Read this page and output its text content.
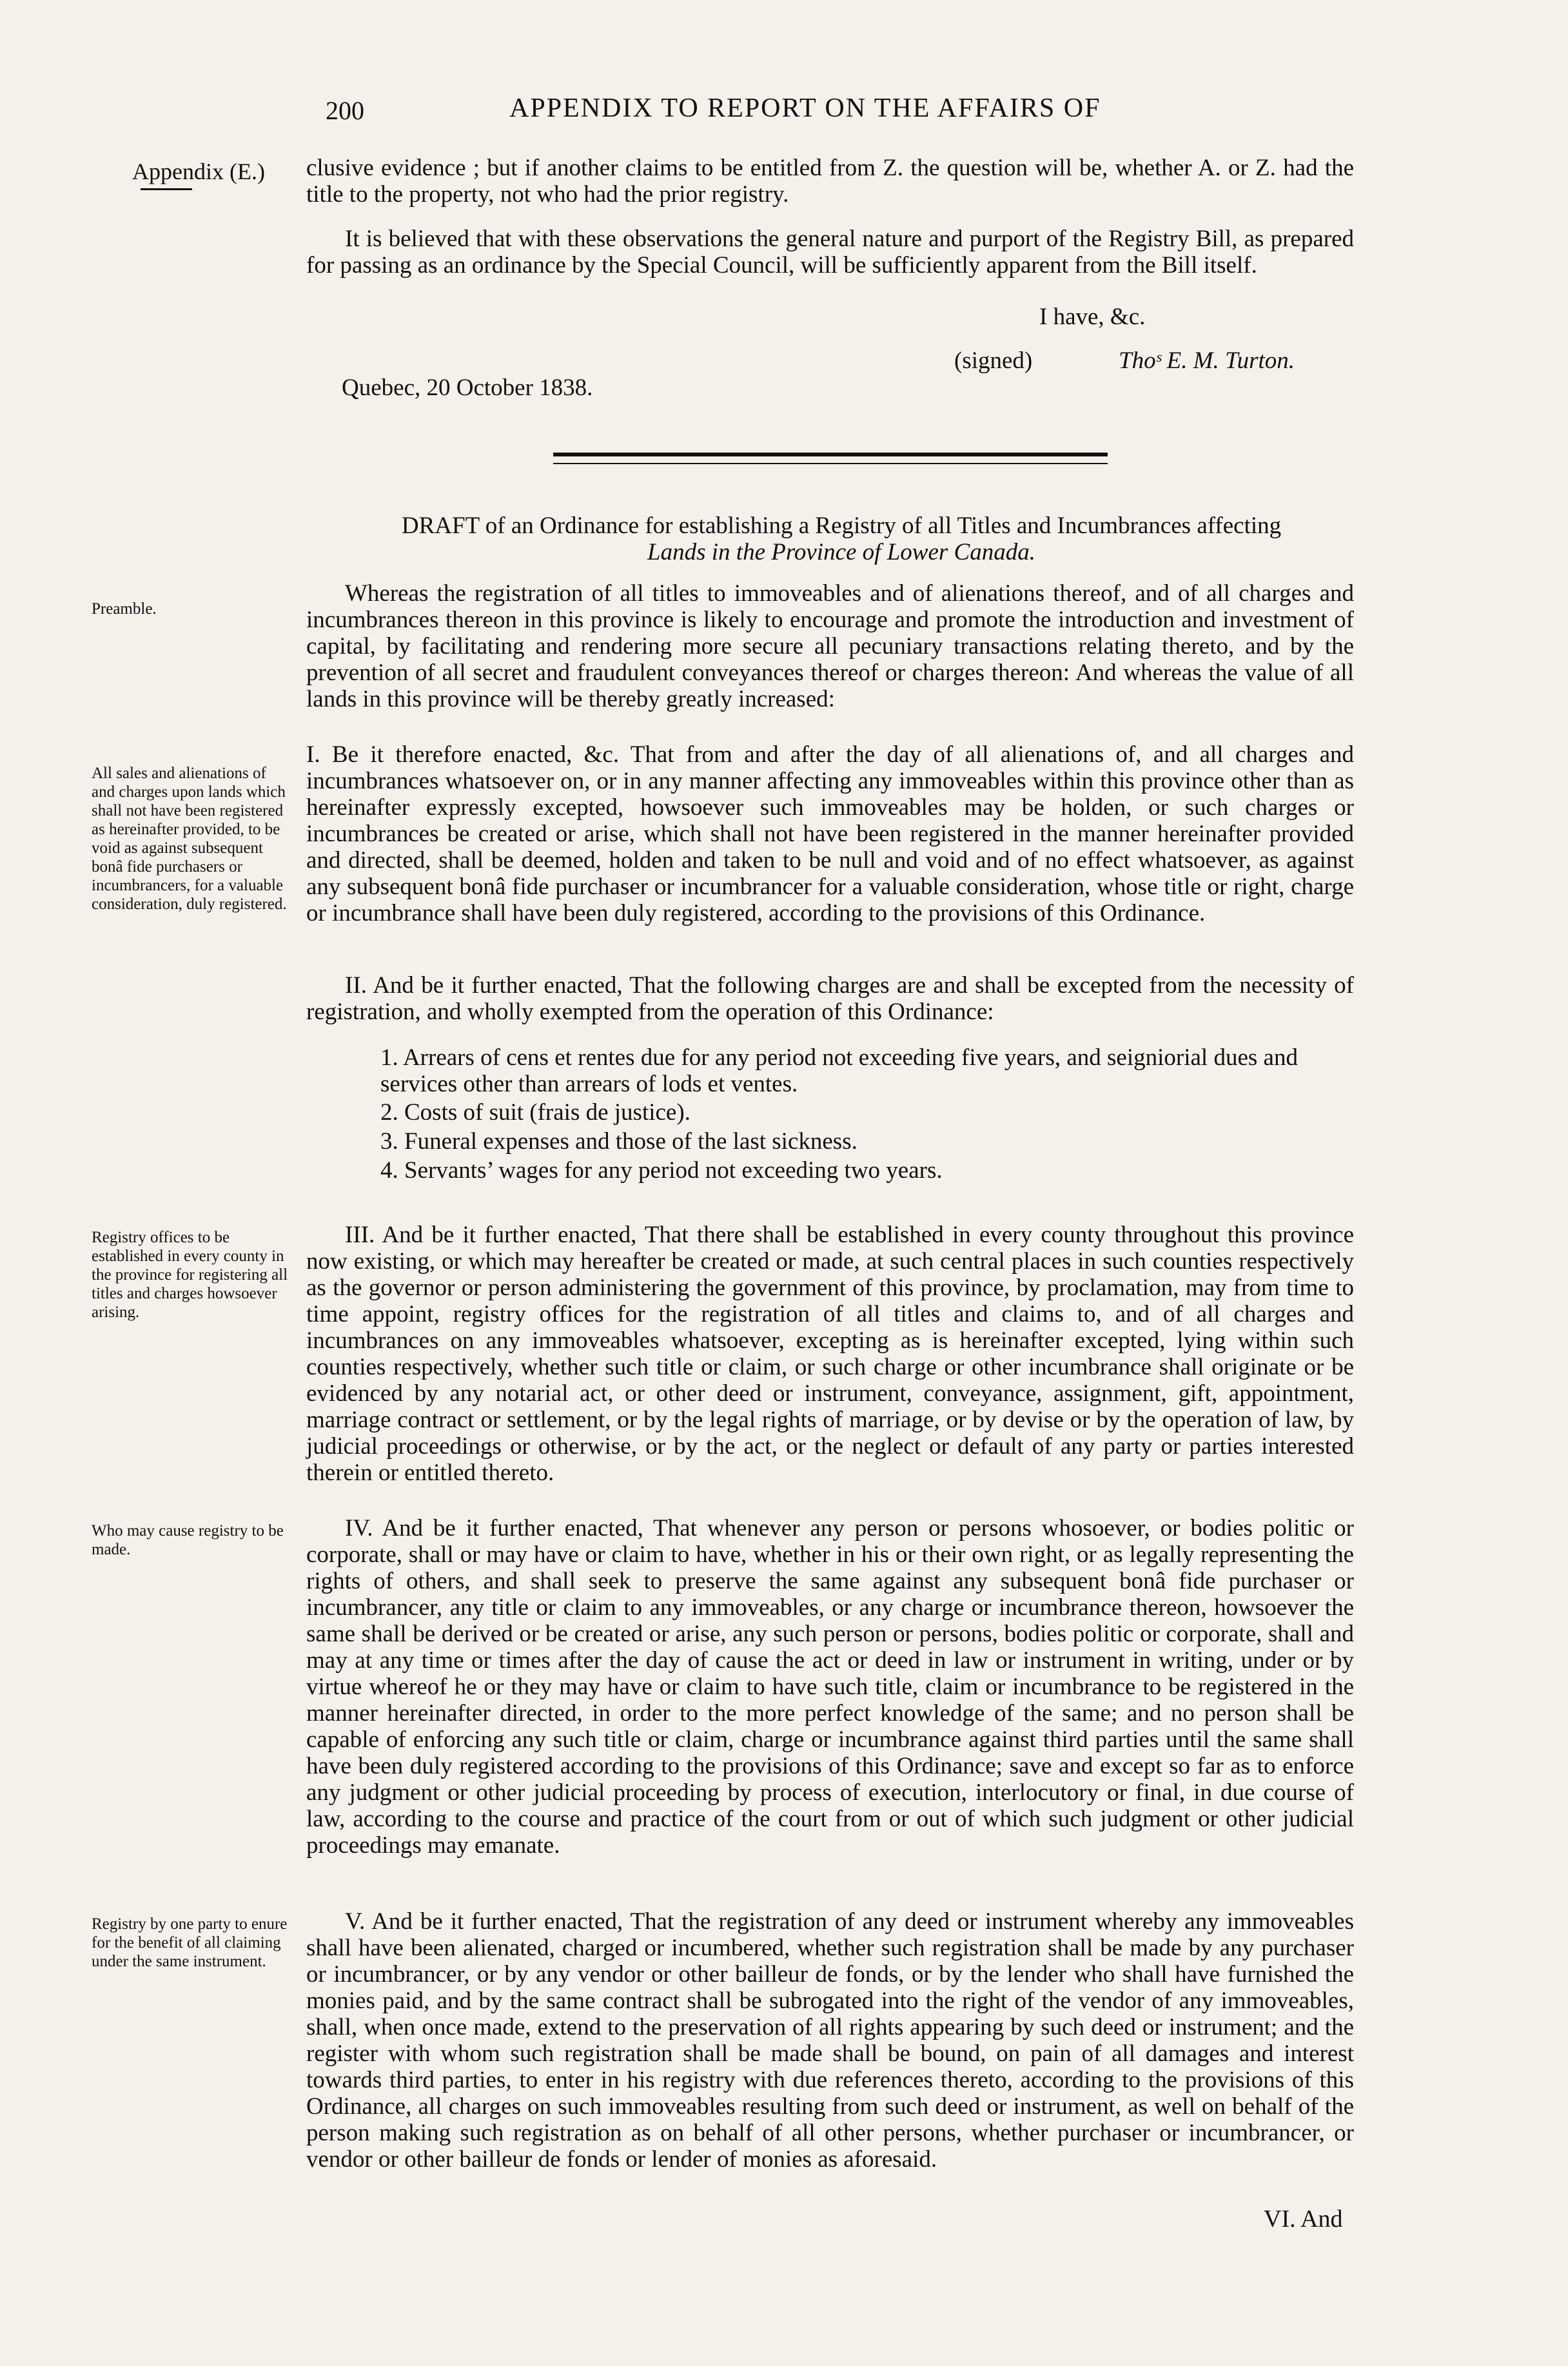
200	APPENDIX TO REPORT ON THE AFFAIRS OF
Appendix (E.) clusive evidence ; but if another claims to be entitled from Z. the question will be, whether A. or Z. had the title to the property, not who had the prior registry.

It is believed that with these observations the general nature and purport of the Registry Bill, as prepared for passing as an ordinance by the Special Council, will be sufficiently apparent from the Bill itself.

I have, &c.
(signed)	Thoˢ E. M. Turton.
Quebec, 20 October 1838.
DRAFT of an Ordinance for establishing a Registry of all Titles and Incumbrances affecting
Lands in the Province of Lower Canada.
Preamble.

Whereas the registration of all titles to immoveables and of alienations thereof, and of all charges and incumbrances thereon in this province is likely to encourage and promote the introduction and investment of capital, by facilitating and rendering more secure all pecuniary transactions relating thereto, and by the prevention of all secret and fraudulent conveyances thereof or charges thereon: And whereas the value of all lands in this province will be thereby greatly increased:

All sales and alienations of and charges upon lands which shall not have been registered as hereinafter provided, to be void as against subsequent bonâ fide purchasers or incumbrancers, for a valuable consideration, duly registered.

I. Be it therefore enacted, &c. That from and after the day of all alienations of, and all charges and incumbrances whatsoever on, or in any manner affecting any immoveables within this province other than as hereinafter expressly excepted, howsoever such immoveables may be holden, or such charges or incumbrances be created or arise, which shall not have been registered in the manner hereinafter provided and directed, shall be deemed, holden and taken to be null and void and of no effect whatsoever, as against any subsequent bonâ fide purchaser or incumbrancer for a valuable consideration, whose title or right, charge or incumbrance shall have been duly registered, according to the provisions of this Ordinance.

II. And be it further enacted, That the following charges are and shall be excepted from the necessity of registration, and wholly exempted from the operation of this Ordinance:

1. Arrears of cens et rentes due for any period not exceeding five years, and seigniorial dues and services other than arrears of lods et ventes.
2. Costs of suit (frais de justice).
3. Funeral expenses and those of the last sickness.
4. Servants’ wages for any period not exceeding two years.
Registry offices to be established in every county in the province for registering all titles and charges howsoever arising.

III. And be it further enacted, That there shall be established in every county throughout this province now existing, or which may hereafter be created or made, at such central places in such counties respectively as the governor or person administering the government of this province, by proclamation, may from time to time appoint, registry offices for the registration of all titles and claims to, and of all charges and incumbrances on any immoveables whatsoever, excepting as is hereinafter excepted, lying within such counties respectively, whether such title or claim, or such charge or other incumbrance shall originate or be evidenced by any notarial act, or other deed or instrument, conveyance, assignment, gift, appointment, marriage contract or settlement, or by the legal rights of marriage, or by devise or by the operation of law, by judicial proceedings or otherwise, or by the act, or the neglect or default of any party or parties interested therein or entitled thereto.

Who may cause registry to be made.

IV. And be it further enacted, That whenever any person or persons whosoever, or bodies politic or corporate, shall or may have or claim to have, whether in his or their own right, or as legally representing the rights of others, and shall seek to preserve the same against any subsequent bonâ fide purchaser or incumbrancer, any title or claim to any immoveables, or any charge or incumbrance thereon, howsoever the same shall be derived or be created or arise, any such person or persons, bodies politic or corporate, shall and may at any time or times after the day of cause the act or deed in law or instrument in writing, under or by virtue whereof he or they may have or claim to have such title, claim or incumbrance to be registered in the manner hereinafter directed, in order to the more perfect knowledge of the same; and no person shall be capable of enforcing any such title or claim, charge or incumbrance against third parties until the same shall have been duly registered according to the provisions of this Ordinance; save and except so far as to enforce any judgment or other judicial proceeding by process of execution, interlocutory or final, in due course of law, according to the course and practice of the court from or out of which such judgment or other judicial proceedings may emanate.

Registry by one party to enure for the benefit of all claiming under the same instrument.

V. And be it further enacted, That the registration of any deed or instrument whereby any immoveables shall have been alienated, charged or incumbered, whether such registration shall be made by any purchaser or incumbrancer, or by any vendor or other bailleur de fonds, or by the lender who shall have furnished the monies paid, and by the same contract shall be subrogated into the right of the vendor of any immoveables, shall, when once made, extend to the preservation of all rights appearing by such deed or instrument; and the register with whom such registration shall be made shall be bound, on pain of all damages and interest towards third parties, to enter in his registry with due references thereto, according to the provisions of this Ordinance, all charges on such immoveables resulting from such deed or instrument, as well on behalf of the person making such registration as on behalf of all other persons, whether purchaser or incumbrancer, or vendor or other bailleur de fonds or lender of monies as aforesaid.

VI. And
